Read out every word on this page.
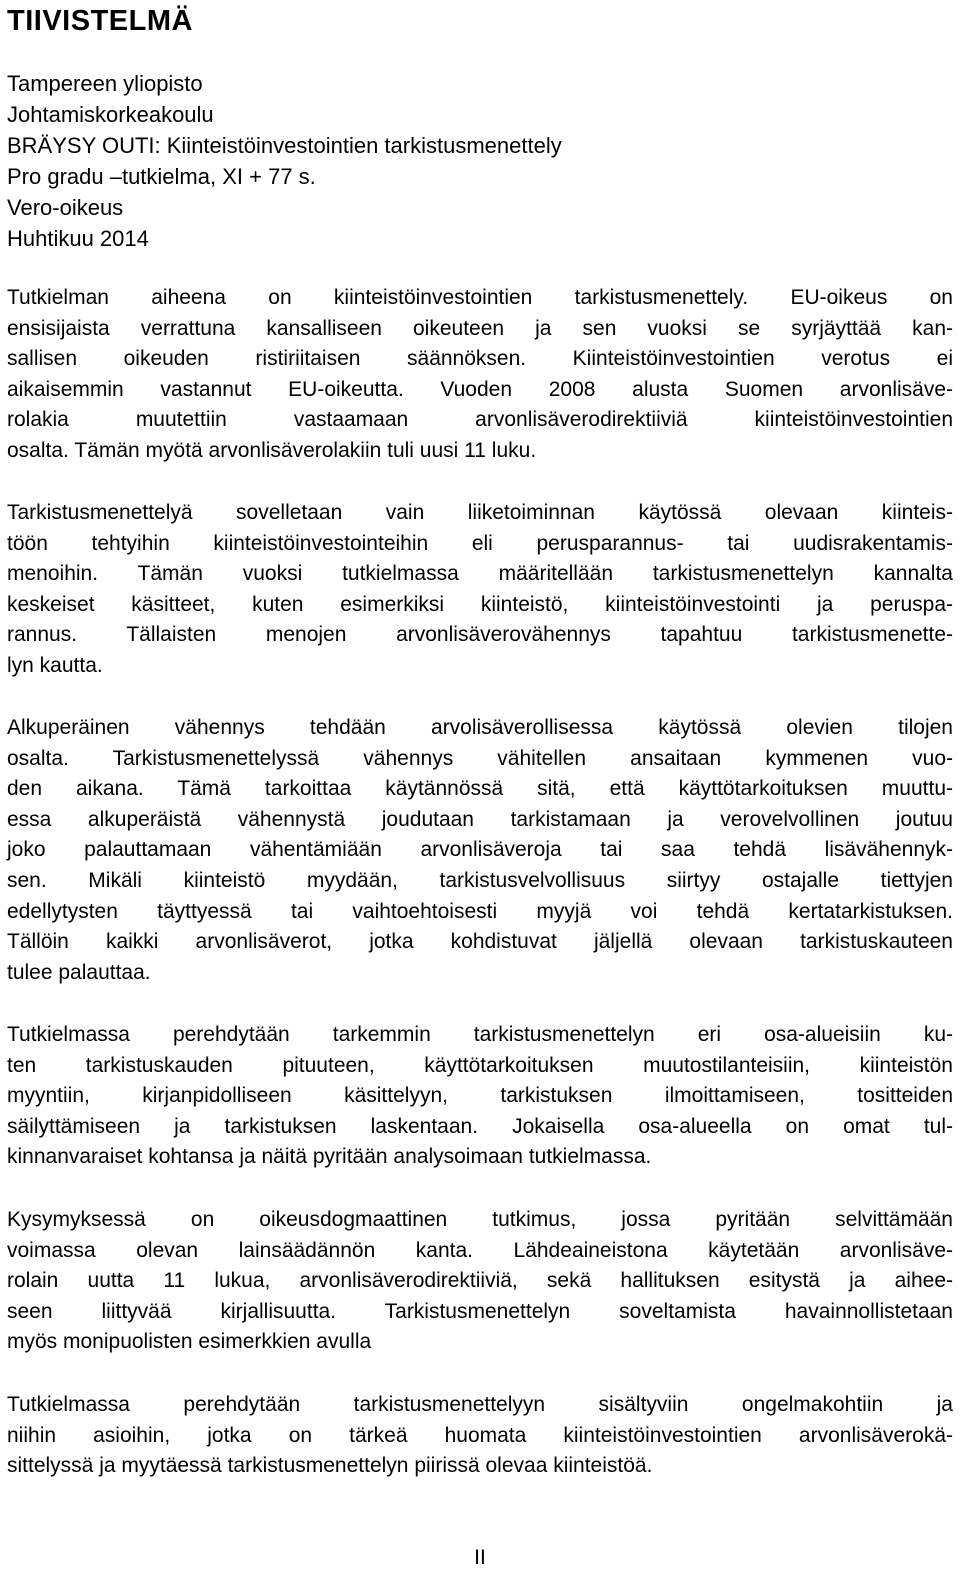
TIIVISTELMÄ
Tampereen yliopisto
Johtamiskorkeakoulu
BRÄYSY OUTI: Kiinteistöinvestointien tarkistusmenettely
Pro gradu –tutkielma, XI + 77 s.
Vero-oikeus
Huhtikuu 2014
Tutkielman aiheena on kiinteistöinvestointien tarkistusmenettely. EU-oikeus on
ensisijaista verrattuna kansalliseen oikeuteen ja sen vuoksi se syrjäyttää kan-
sallisen oikeuden ristiriitaisen säännöksen. Kiinteistöinvestointien verotus ei
aikaisemmin vastannut EU-oikeutta. Vuoden 2008 alusta Suomen arvonlisäve-
rolakia muutettiin vastaamaan arvonlisäverodirektiiviä kiinteistöinvestointien
osalta. Tämän myötä arvonlisäverolakiin tuli uusi 11 luku.
Tarkistusmenettelyä sovelletaan vain liiketoiminnan käytössä olevaan kiinteis-
töön tehtyihin kiinteistöinvestointeihin eli perusparannus- tai uudisrakentamis-
menoihin. Tämän vuoksi tutkielmassa määritellään tarkistusmenettelyn kannalta
keskeiset käsitteet, kuten esimerkiksi kiinteistö, kiinteistöinvestointi ja peruspa-
rannus. Tällaisten menojen arvonlisäverovähennys tapahtuu tarkistusmenette-
lyn kautta.
Alkuperäinen vähennys tehdään arvolisäverollisessa käytössä olevien tilojen
osalta. Tarkistusmenettelyssä vähennys vähitellen ansaitaan kymmenen vuo-
den aikana. Tämä tarkoittaa käytännössä sitä, että käyttötarkoituksen muuttu-
essa alkuperäistä vähennystä joudutaan tarkistamaan ja verovelvollinen joutuu
joko palauttamaan vähentämiään arvonlisäveroja tai saa tehdä lisävähennyk-
sen. Mikäli kiinteistö myydään, tarkistusvelvollisuus siirtyy ostajalle tiettyjen
edellytysten täyttyessä tai vaihtoehtoisesti myyjä voi tehdä kertatarkistuksen.
Tällöin kaikki arvonlisäverot, jotka kohdistuvat jäljellä olevaan tarkistuskauteen
tulee palauttaa.
Tutkielmassa perehdytään tarkemmin tarkistusmenettelyn eri osa-alueisiin ku-
ten tarkistuskauden pituuteen, käyttötarkoituksen muutostilanteisiin, kiinteistön
myyntiin, kirjanpidolliseen käsittelyyn, tarkistuksen ilmoittamiseen, tositteiden
säilyttämiseen ja tarkistuksen laskentaan. Jokaisella osa-alueella on omat tul-
kinnanvaraiset kohtansa ja näitä pyritään analysoimaan tutkielmassa.
Kysymyksessä on oikeusdogmaattinen tutkimus, jossa pyritään selvittämään
voimassa olevan lainsäädännön kanta. Lähdeaineistona käytetään arvonlisäve-
rolain uutta 11 lukua, arvonlisäverodirektiiviä, sekä hallituksen esitystä ja aihee-
seen liittyvää kirjallisuutta. Tarkistusmenettelyn soveltamista havainnollistetaan
myös monipuolisten esimerkkien avulla
Tutkielmassa perehdytään tarkistusmenettelyyn sisältyviin ongelmakohtiin ja
niihin asioihin, jotka on tärkeä huomata kiinteistöinvestointien arvonlisäverokä-
sittelyssä ja myytäessä tarkistusmenettelyn piirissä olevaa kiinteistöä.
II
